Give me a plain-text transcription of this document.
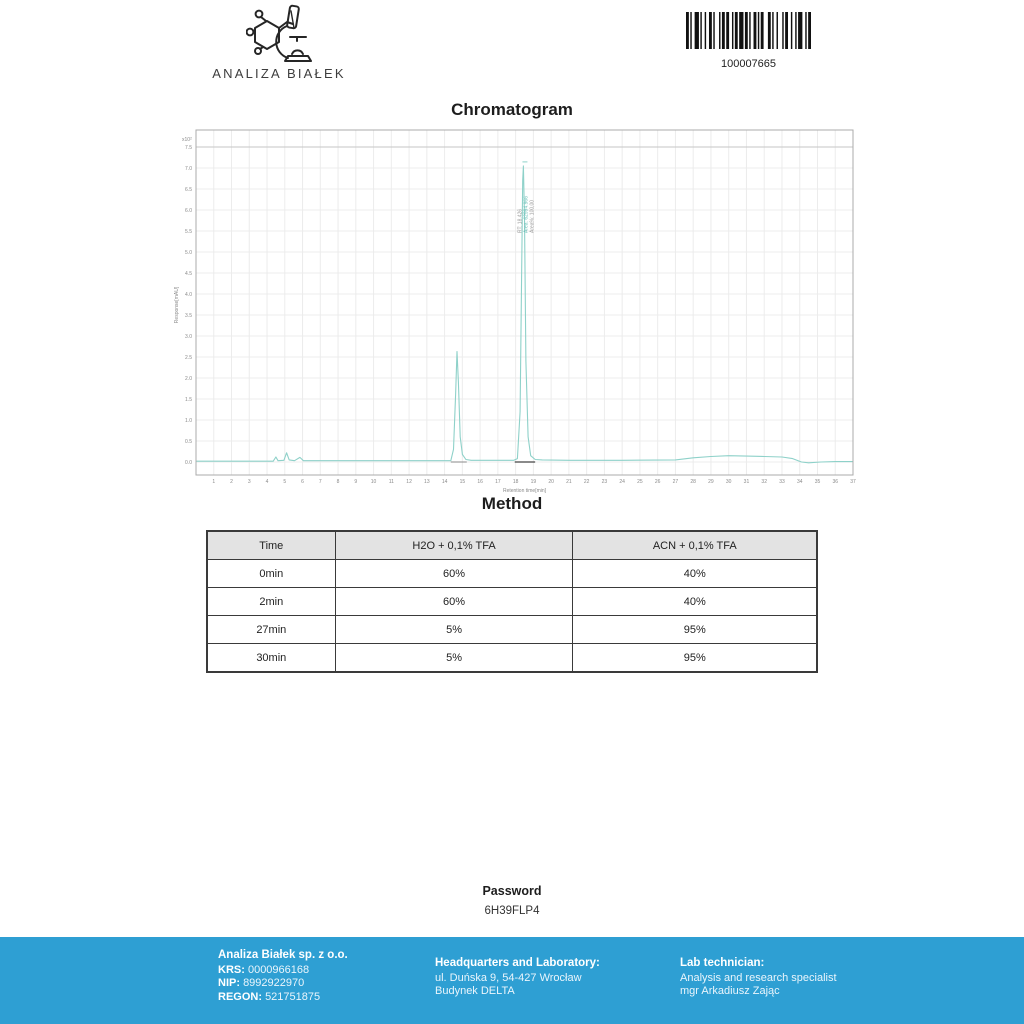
ANALIZA BIAŁEK
100007665
Chromatogram
RT: 18.426 Area: 62994.966 Area%: 100,00
1	2	3	4	5	6	7	8	9	10 11 12 13 14 15 16 17 18 19 20 21 22 23 24 25 26 27 28 29 30 31 32 33 34 35 36 37
0.0
0.5
1.0
1.5
2.0
2.5
3.0
3.5
4.0
4.5
5.0
5.5
6.0
6.5
7.0
7.5
$x10^2$
Retention time[min]
Response[mAU]
Method
Time	H2O + 0,1% TFA	ACN + 0,1% TFA
0min	60%	40%
2min	60%	40%
27min	5%	95%
30min	5%	95%
Password
6H39FLP4
Analiza Białek sp. z o.o.
KRS: 0000966168
NIP: 8992922970
REGON: 521751875
Headquarters and Laboratory:
ul. Duńska 9, 54-427 Wrocław
Budynek DELTA
Lab technician:
Analysis and research specialist
mgr Arkadiusz Zając
